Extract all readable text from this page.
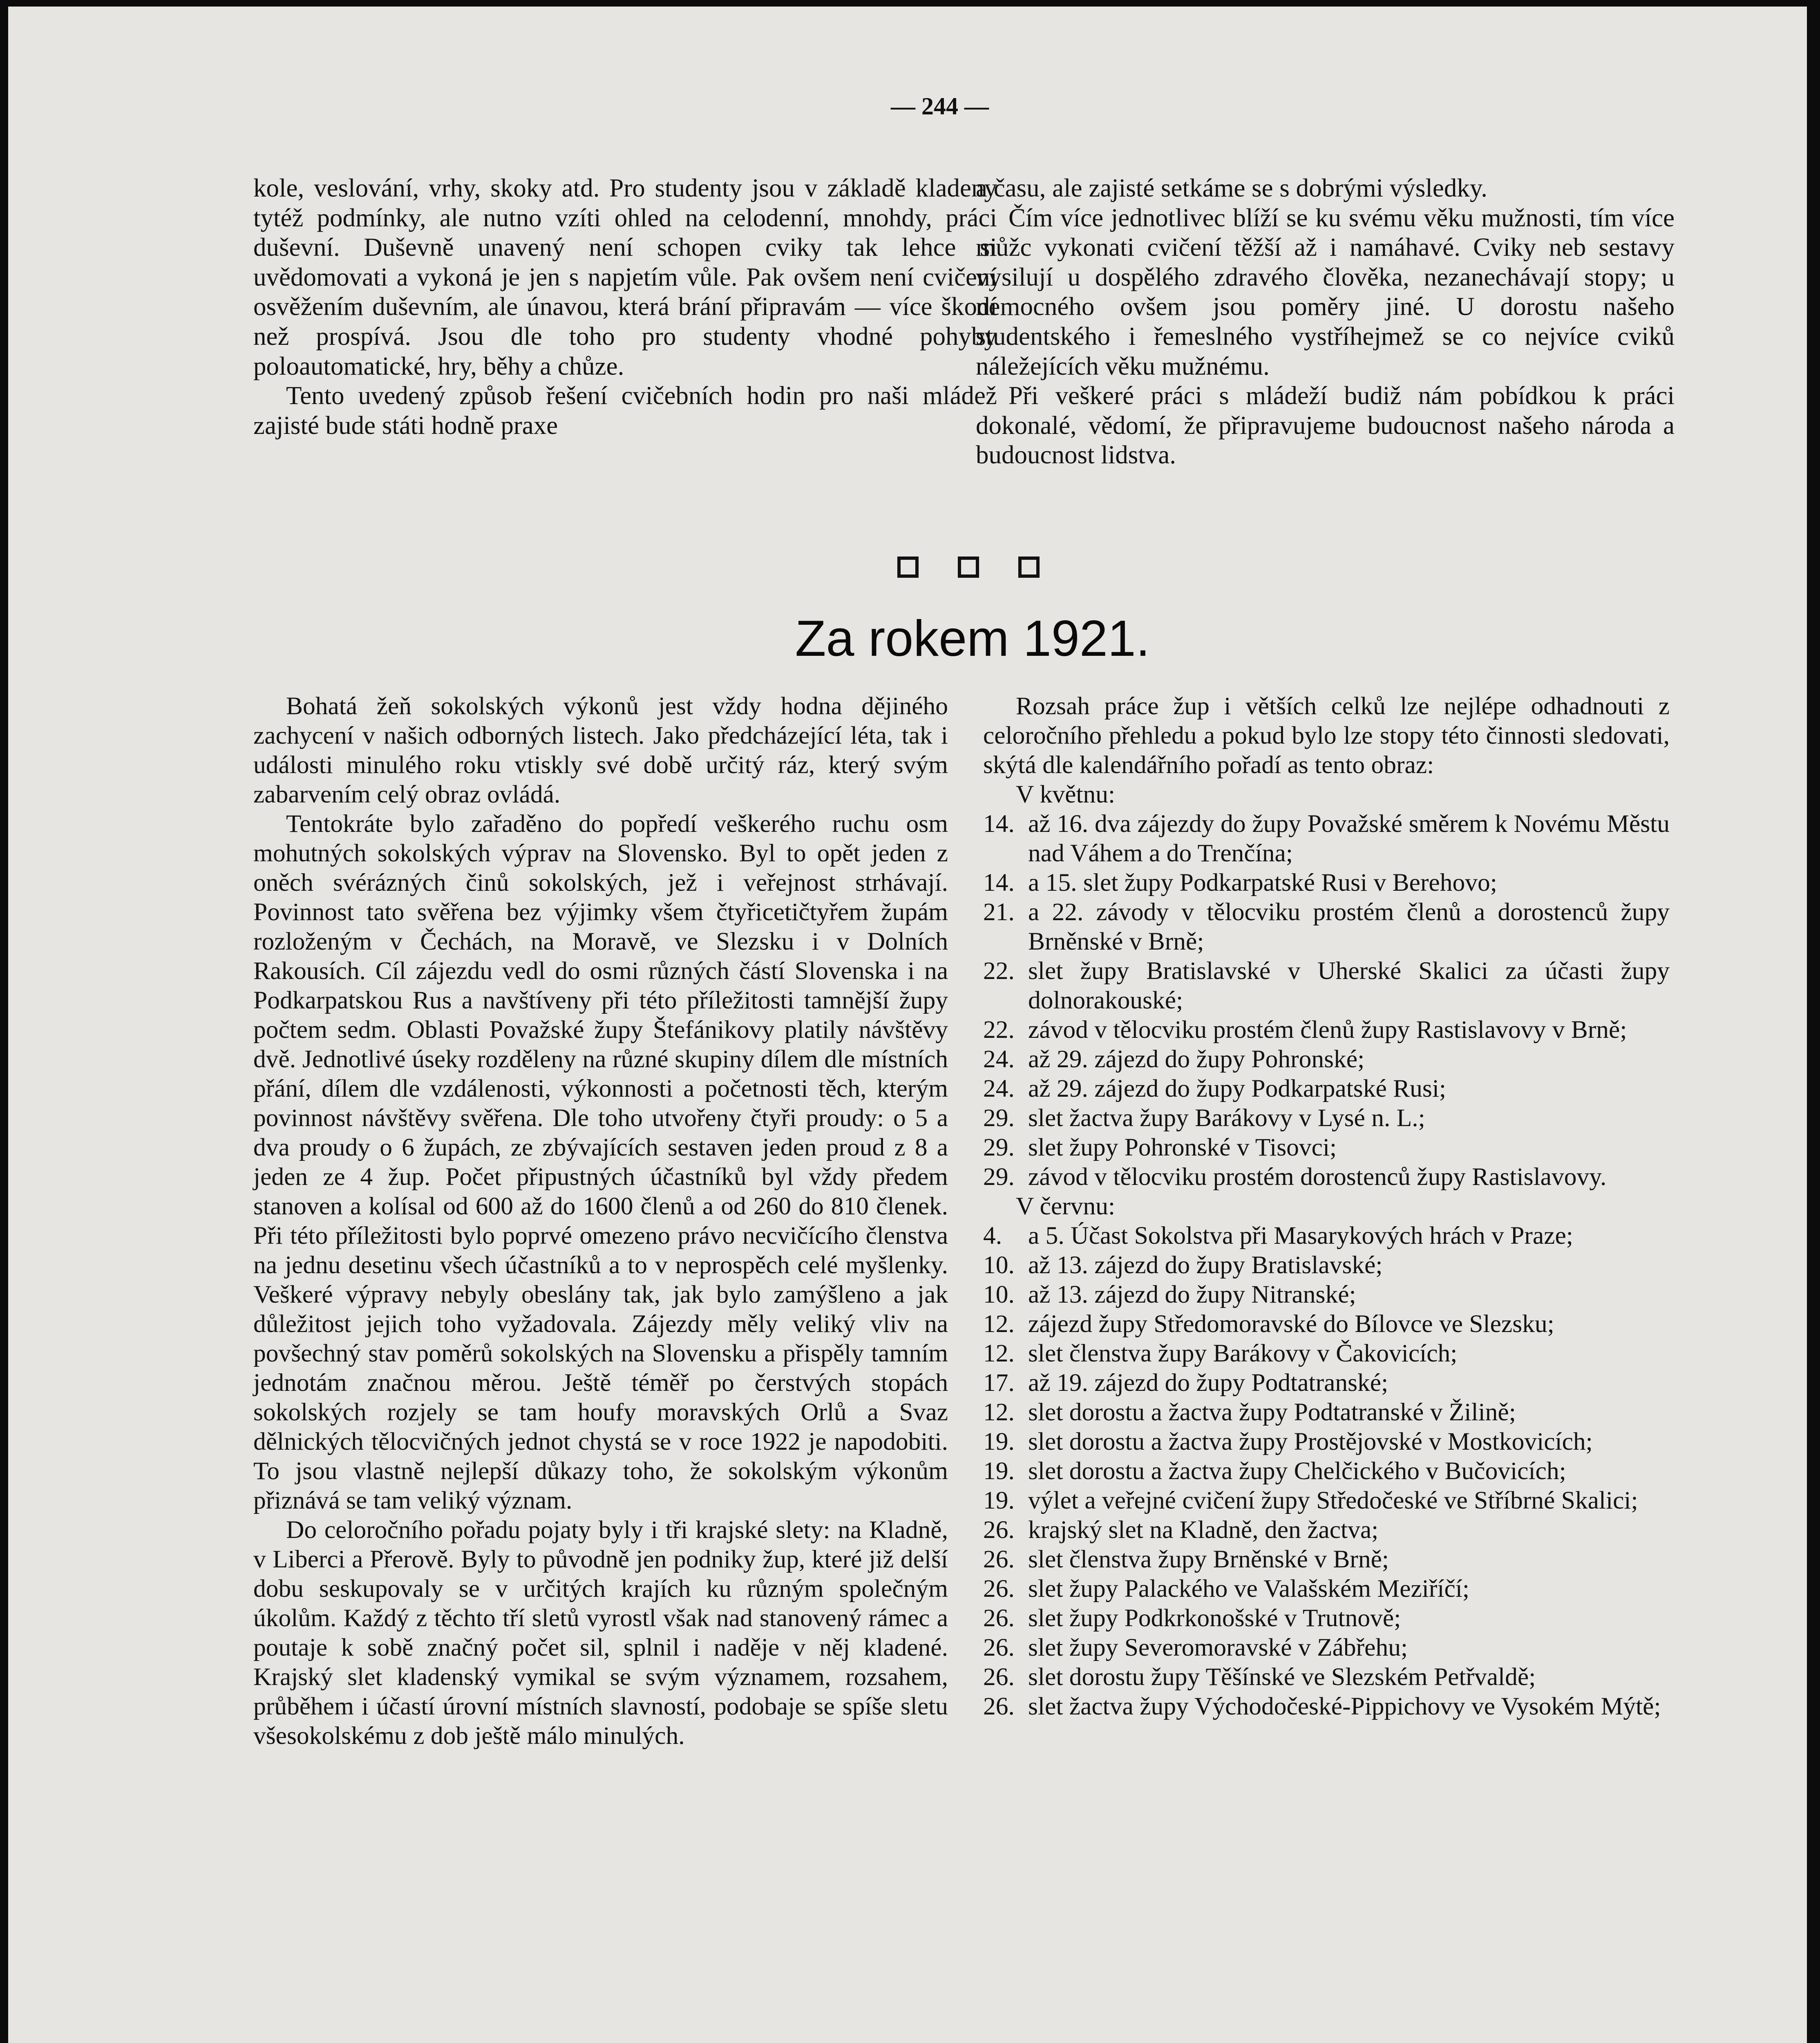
— 244 —

kole, veslování, vrhy, skoky atd. Pro studenty jsou v základě kladeny tytéž podmínky, ale nutno vzíti ohled na celodenní, mnohdy, práci duševní. Duševně unavený není schopen cviky tak lehce si uvědomovati a vykoná je jen s napjetím vůle. Pak ovšem není cvičení osvěžením duševním, ale únavou, která brání připravám — více škodí než prospívá. Jsou dle toho pro studenty vhodné pohyby poloautomatické, hry, běhy a chůze.

Tento uvedený způsob řešení cvičebních hodin pro naši mládež zajisté bude státi hodně praxe

a času, ale zajisté setkáme se s dobrými výsledky.

Čím více jednotlivec blíží se ku svému věku mužnosti, tím více můžc vykonati cvičení těžší až i namáhavé. Cviky neb sestavy vysilují u dospělého zdravého člověka, nezanechávají stopy; u nemocného ovšem jsou poměry jiné. U dorostu našeho studentského i řemeslného vystříhejmež se co nejvíce cviků náležejících věku mužnému.

Při veškeré práci s mládeží budiž nám pobídkou k práci dokonalé, vědomí, že připravujeme budoucnost našeho národa a budoucnost lidstva.

Za rokem 1921.

Bohatá žeň sokolských výkonů jest vždy hodna dějiného zachycení v našich odborných listech. Jako předcházející léta, tak i události minulého roku vtiskly své době určitý ráz, který svým zabarvením celý obraz ovládá.

Tentokráte bylo zařaděno do popředí veškerého ruchu osm mohutných sokolských výprav na Slovensko. Byl to opět jeden z oněch svérázných činů sokolských, jež i veřejnost strhávají. Povinnost tato svěřena bez výjimky všem čtyřicetičtyřem župám rozloženým v Čechách, na Moravě, ve Slezsku i v Dolních Rakousích. Cíl zájezdu vedl do osmi různých částí Slovenska i na Podkarpatskou Rus a navštíveny při této příležitosti tamnější župy počtem sedm. Oblasti Považské župy Štefánikovy platily návštěvy dvě. Jednotlivé úseky rozděleny na různé skupiny dílem dle místních přání, dílem dle vzdálenosti, výkonnosti a početnosti těch, kterým povinnost návštěvy svěřena. Dle toho utvořeny čtyři proudy: o 5 a dva proudy o 6 župách, ze zbývajících sestaven jeden proud z 8 a jeden ze 4 žup. Počet připustných účastníků byl vždy předem stanoven a kolísal od 600 až do 1600 členů a od 260 do 810 členek. Při této příležitosti bylo poprvé omezeno právo necvičícího členstva na jednu desetinu všech účastníků a to v neprospěch celé myšlenky. Veškeré výpravy nebyly obeslány tak, jak bylo zamýšleno a jak důležitost jejich toho vyžadovala. Zájezdy měly veliký vliv na povšechný stav poměrů sokolských na Slovensku a přispěly tamním jednotám značnou měrou. Ještě téměř po čerstvých stopách sokolských rozjely se tam houfy moravských Orlů a Svaz dělnických tělocvičných jednot chystá se v roce 1922 je napodobiti. To jsou vlastně nejlepší důkazy toho, že sokolským výkonům přiznává se tam veliký význam.

Do celoročního pořadu pojaty byly i tři krajské slety: na Kladně, v Liberci a Přerově. Byly to původně jen podniky žup, které již delší dobu seskupovaly se v určitých krajích ku různým společným úkolům. Každý z těchto tří sletů vyrostl však nad stanovený rámec a poutaje k sobě značný počet sil, splnil i naděje v něj kladené. Krajský slet kladenský vymikal se svým významem, rozsahem, průběhem i účastí úrovní místních slavností, podobaje se spíše sletu všesokolskému z dob ještě málo minulých.

Rozsah práce žup i větších celků lze nejlépe odhadnouti z celoročního přehledu a pokud bylo lze stopy této činnosti sledovati, skýtá dle kalendářního pořadí as tento obraz:

V květnu:

14. až 16. dva zájezdy do župy Považské směrem k Novému Městu nad Váhem a do Trenčína;
14. a 15. slet župy Podkarpatské Rusi v Berehovo;
21. a 22. závody v tělocviku prostém členů a dorostenců župy Brněnské v Brně;
22. slet župy Bratislavské v Uherské Skalici za účasti župy dolnorakouské;
22. závod v tělocviku prostém členů župy Rastislavovy v Brně;
24. až 29. zájezd do župy Pohronské;
24. až 29. zájezd do župy Podkarpatské Rusi;
29. slet žactva župy Barákovy v Lysé n. L.;
29. slet župy Pohronské v Tisovci;
29. závod v tělocviku prostém dorostenců župy Rastislavovy.

V červnu:

4.	a 5. Účast Sokolstva při Masarykových hrách v Praze;
10. až 13. zájezd do župy Bratislavské;
10. až 13. zájezd do župy Nitranské;
12. zájezd župy Středomoravské do Bílovce ve Slezsku;
12. slet členstva župy Barákovy v Čakovicích;
17. až 19. zájezd do župy Podtatranské;
12. slet dorostu a žactva župy Podtatranské v Žilině;
19. slet dorostu a žactva župy Prostějovské v Mostkovicích;
19. slet dorostu a žactva župy Chelčického v Bučovicích;
19. výlet a veřejné cvičení župy Středočeské ve Stříbrné Skalici;
26. krajský slet na Kladně, den žactva;
26. slet členstva župy Brněnské v Brně;
26. slet župy Palackého ve Valašském Meziříčí;
26. slet župy Podkrkonošské v Trutnově;
26. slet župy Severomoravské v Zábřehu;
26. slet dorostu župy Těšínské ve Slezském Petřvaldě;
26. slet žactva župy Východočeské-Pippichovy ve Vysokém Mýtě;
